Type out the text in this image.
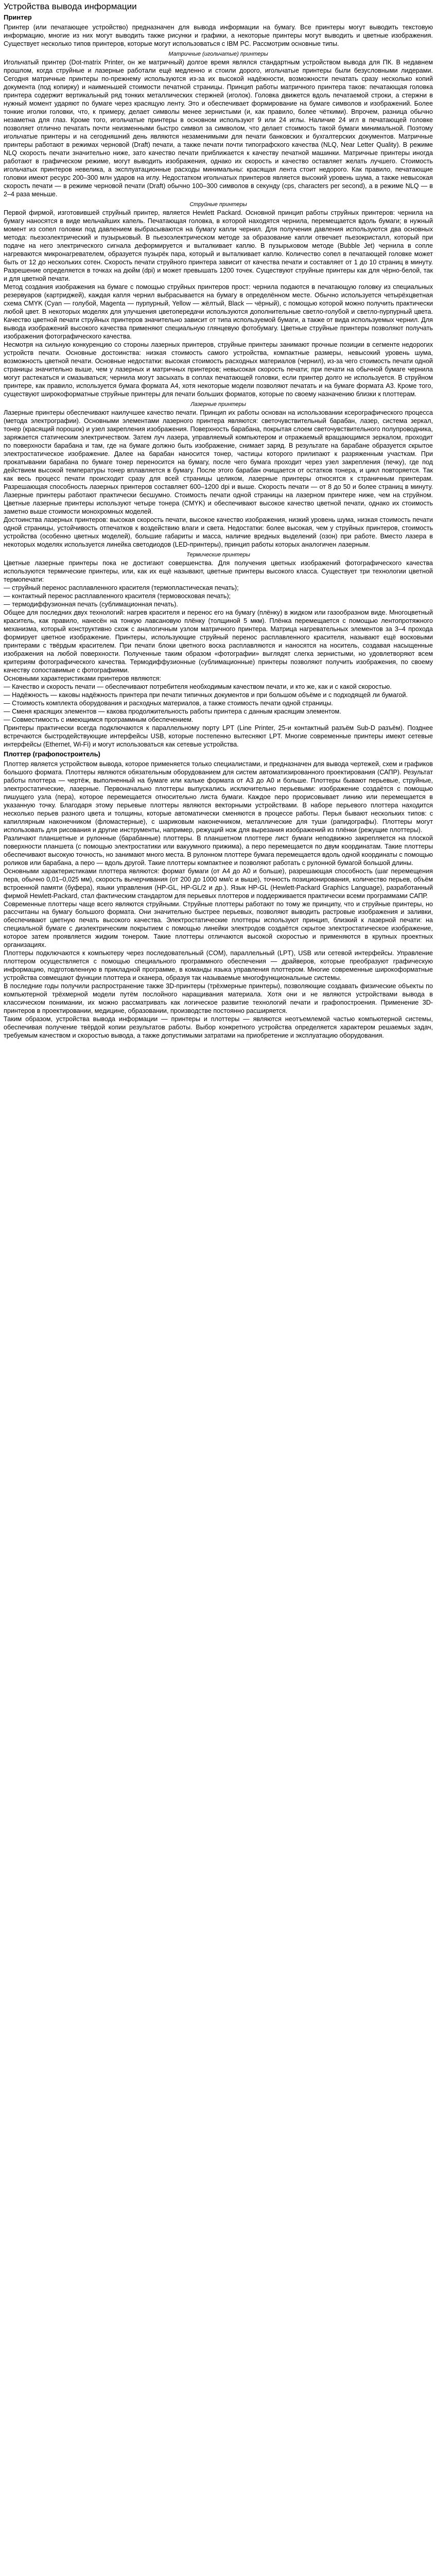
Устройства вывода информации
Принтер

Принтер (или печатающее устройство) предназначен для вывода информации на бумагу. Все принтеры могут выводить текстовую информацию, многие из них могут выводить также рисунки и графики, а некоторые принтеры могут выводить и цветные изображения. Существует несколько типов принтеров, которые могут использоваться с IBM PC. Рассмотрим основные типы.

Матричные (игольчатые) принтеры

Игольчатый принтер (Dot-matrix Printer, он же матричный) долгое время являлся стандартным устройством вывода для ПК. В недавнем прошлом, когда струйные и лазерные работали ещё медленно и стоили дорого, игольчатые принтеры были безусловными лидерами. Сегодня матричные принтеры по-прежнему используются из-за их высокой надёжности, возможности печатать сразу несколько копий документа (под копирку) и наименьшей стоимости печатной страницы. Принцип работы матричного принтера таков: печатающая головка принтера содержит вертикальный ряд тонких металлических стержней (иголок). Головка движется вдоль печатаемой строки, а стержни в нужный момент ударяют по бумаге через красящую ленту. Это и обеспечивает формирование на бумаге символов и изображений. Более тонкие иголки головки, что, к примеру, делает символы менее зернистыми (и, как правило, более чёткими). Впрочем, разница обычно незаметна для глаз. Кроме того, игольчатые принтеры в основном используют 9 или 24 иглы. Наличие 24 игл в печатающей головке позволяет отлично печатать почти неизменными быстро символ за символом, что делает стоимость такой бумаги минимальной. Поэтому игольчатые принтеры и на сегодняшний день являются незаменимыми для печати банковских и бухгалтерских документов. Матричные принтеры работают в режимах черновой (Draft) печати, а также печати почти типографского качества (NLQ, Near Letter Quality). В режиме NLQ скорость печати значительно ниже, зато качество печати приближается к качеству печатной машинки. Матричные принтеры иногда работают в графическом режиме, могут выводить изображения, однако их скорость и качество оставляет желать лучшего. Стоимость игольчатых принтеров невелика, а эксплуатационные расходы минимальны: красящая лента стоит недорого. Как правило, печатающие головки имеют ресурс 200–300 млн ударов на иглу. Недостатком игольчатых принтеров является высокий уровень шума, а также невысокая скорость печати — в режиме черновой печати (Draft) обычно 100–300 символов в секунду (cps, characters per second), а в режиме NLQ — в 2–4 раза меньше.

Струйные принтеры

Первой фирмой, изготовившей струйный принтер, является Hewlett Packard. Основной принцип работы струйных принтеров: чернила на бумагу наносятся в виде мельчайших капель. Печатающая головка, в которой находятся чернила, перемещается вдоль бумаги; в нужный момент из сопел головки под давлением выбрасываются на бумагу капли чернил. Для получения давления используются два основных метода: пьезоэлектрический и пузырьковый. В пьезоэлектрическом методе за образование капли отвечает пьезокристалл, который при подаче на него электрического сигнала деформируется и выталкивает каплю. В пузырьковом методе (Bubble Jet) чернила в сопле нагреваются микронагревателем, образуется пузырёк пара, который и выталкивает каплю. Количество сопел в печатающей головке может быть от 12 до нескольких сотен. Скорость печати струйного принтера зависит от качества печати и составляет от 1 до 10 страниц в минуту. Разрешение определяется в точках на дюйм (dpi) и может превышать 1200 точек. Существуют струйные принтеры как для чёрно-белой, так и для цветной печати.

Метод создания изображения на бумаге с помощью струйных принтеров прост: чернила подаются в печатающую головку из специальных резервуаров (картриджей), каждая капля чернил выбрасывается на бумагу в определённом месте. Обычно используется четырёхцветная схема CMYK (Cyan — голубой, Magenta — пурпурный, Yellow — жёлтый, Black — чёрный), с помощью которой можно получить практически любой цвет. В некоторых моделях для улучшения цветопередачи используются дополнительные светло-голубой и светло-пурпурный цвета. Качество цветной печати струйных принтеров значительно зависит от типа используемой бумаги, а также от вида используемых чернил. Для вывода изображений высокого качества применяют специальную глянцевую фотобумагу. Цветные струйные принтеры позволяют получать изображения фотографического качества.

Несмотря на сильную конкуренцию со стороны лазерных принтеров, струйные принтеры занимают прочные позиции в сегменте недорогих устройств печати. Основные достоинства: низкая стоимость самого устройства, компактные размеры, невысокий уровень шума, возможность цветной печати. Основные недостатки: высокая стоимость расходных материалов (чернил), из-за чего стоимость печати одной страницы значительно выше, чем у лазерных и матричных принтеров; невысокая скорость печати; при печати на обычной бумаге чернила могут растекаться и смазываться; чернила могут засыхать в соплах печатающей головки, если принтер долго не используется. В струйном принтере, как правило, используется бумага формата A4, хотя некоторые модели позволяют печатать и на бумаге формата A3. Кроме того, существуют широкоформатные струйные принтеры для печати больших форматов, которые по своему назначению близки к плоттерам.

Лазерные принтеры

Лазерные принтеры обеспечивают наилучшее качество печати. Принцип их работы основан на использовании ксерографического процесса (метода электрографии). Основными элементами лазерного принтера являются: светочувствительный барабан, лазер, система зеркал, тонер (красящий порошок) и узел закрепления изображения. Поверхность барабана, покрытая слоем светочувствительного полупроводника, заряжается статическим электричеством. Затем луч лазера, управляемый компьютером и отражаемый вращающимся зеркалом, проходит по поверхности барабана и там, где на бумаге должно быть изображение, снимает заряд. В результате на барабане образуется скрытое электростатическое изображение. Далее на барабан наносится тонер, частицы которого прилипают к разряженным участкам. При прокатывании барабана по бумаге тонер переносится на бумагу, после чего бумага проходит через узел закрепления (печку), где под действием высокой температуры тонер вплавляется в бумагу. После этого барабан очищается от остатков тонера, и цикл повторяется. Так как весь процесс печати происходит сразу для всей страницы целиком, лазерные принтеры относятся к страничным принтерам. Разрешающая способность лазерных принтеров составляет 600–1200 dpi и выше. Скорость печати — от 8 до 50 и более страниц в минуту. Лазерные принтеры работают практически бесшумно. Стоимость печати одной страницы на лазерном принтере ниже, чем на струйном. Цветные лазерные принтеры используют четыре тонера (CMYK) и обеспечивают высокое качество цветной печати, однако их стоимость заметно выше стоимости монохромных моделей.

Достоинства лазерных принтеров: высокая скорость печати, высокое качество изображения, низкий уровень шума, низкая стоимость печати одной страницы, устойчивость отпечатков к воздействию влаги и света. Недостатки: более высокая, чем у струйных принтеров, стоимость устройства (особенно цветных моделей), большие габариты и масса, наличие вредных выделений (озон) при работе. Вместо лазера в некоторых моделях используется линейка светодиодов (LED-принтеры), принцип работы которых аналогичен лазерным.

Термические принтеры

Цветные лазерные принтеры пока не достигают совершенства. Для получения цветных изображений фотографического качества используются термические принтеры, или, как их ещё называют, цветные принтеры высокого класса. Существует три технологии цветной термопечати:

— струйный перенос расплавленного красителя (термопластическая печать);

— контактный перенос расплавленного красителя (термовосковая печать);

— термодиффузионная печать (сублимационная печать).

Общее для последних двух технологий: нагрев красителя и перенос его на бумагу (плёнку) в жидком или газообразном виде. Многоцветный краситель, как правило, нанесён на тонкую лавсановую плёнку (толщиной 5 мкм). Плёнка перемещается с помощью лентопротяжного механизма, который конструктивно схож с аналогичным узлом матричного принтера. Матрица нагревательных элементов за 3–4 прохода формирует цветное изображение. Принтеры, использующие струйный перенос расплавленного красителя, называют ещё восковыми принтерами с твёрдым красителем. При печати блоки цветного воска расплавляются и наносятся на носитель, создавая насыщенные изображения на любой поверхности. Полученные таким образом «фотографии» выглядят слегка зернистыми, но удовлетворяют всем критериям фотографического качества. Термодиффузионные (сублимационные) принтеры позволяют получить изображения, по своему качеству сопоставимые с фотографиями.

Основными характеристиками принтеров являются:

— Качество и скорость печати — обеспечивают потребителя необходимым качеством печати, и кто же, как и с какой скоростью.

— Надёжность — каковы надёжность принтера при печати типичных документов и при большом объёме и с подходящей ли бумагой.

— Стоимость комплекта оборудования и расходных материалов, а также стоимость печати одной страницы.

— Сменя красящих элементов — какова продолжительность работы принтера с данным красящим элементом.

— Совместимость с имеющимся программным обеспечением.

Принтеры практически всегда подключаются к параллельному порту LPT (Line Printer, 25-и контактный разъём Sub-D разъём). Позднее встречаются быстродействующие интерфейсы USB, которые постепенно вытесняют LPT. Многие современные принтеры имеют сетевые интерфейсы (Ethernet, Wi-Fi) и могут использоваться как сетевые устройства.

Плоттер (графопостроитель)

Плоттер является устройством вывода, которое применяется только специалистами, и предназначен для вывода чертежей, схем и графиков большого формата. Плоттеры являются обязательным оборудованием для систем автоматизированного проектирования (САПР). Результат работы плоттера — чертёж, выполненный на бумаге или кальке формата от А3 до А0 и больше. Плоттеры бывают перьевые, струйные, электростатические, лазерные. Первоначально плоттеры выпускались исключительно перьевыми: изображение создаётся с помощью пишущего узла (пера), которое перемещается относительно листа бумаги. Каждое перо прорисовывает линию или перемещается в указанную точку. Благодаря этому перьевые плоттеры являются векторными устройствами. В наборе перьевого плоттера находится несколько перьев разного цвета и толщины, которые автоматически сменяются в процессе работы. Перья бывают нескольких типов: с капиллярным наконечником (фломастерные), с шариковым наконечником, металлические для туши (рапидографы). Плоттеры могут использовать для рисования и другие инструменты, например, режущий нож для вырезания изображений из плёнки (режущие плоттеры).

Различают планшетные и рулонные (барабанные) плоттеры. В планшетном плоттере лист бумаги неподвижно закрепляется на плоской поверхности планшета (с помощью электростатики или вакуумного прижима), а перо перемещается по двум координатам. Такие плоттеры обеспечивают высокую точность, но занимают много места. В рулонном плоттере бумага перемещается вдоль одной координаты с помощью роликов или барабана, а перо — вдоль другой. Такие плоттеры компактнее и позволяют работать с рулонной бумагой большой длины.

Основными характеристиками плоттера являются: формат бумаги (от А4 до А0 и больше), разрешающая способность (шаг перемещения пера, обычно 0,01–0,025 мм), скорость вычерчивания (от 200 до 1000 мм/с и выше), точность позиционирования, количество перьев, объём встроенной памяти (буфера), языки управления (HP-GL, HP-GL/2 и др.). Язык HP-GL (Hewlett-Packard Graphics Language), разработанный фирмой Hewlett-Packard, стал фактическим стандартом для перьевых плоттеров и поддерживается практически всеми программами САПР.

Современные плоттеры чаще всего являются струйными. Струйные плоттеры работают по тому же принципу, что и струйные принтеры, но рассчитаны на бумагу большого формата. Они значительно быстрее перьевых, позволяют выводить растровые изображения и заливки, обеспечивают цветную печать высокого качества. Электростатические плоттеры используют принцип, близкий к лазерной печати: на специальной бумаге с диэлектрическим покрытием с помощью линейки электродов создаётся скрытое электростатическое изображение, которое затем проявляется жидким тонером. Такие плоттеры отличаются высокой скоростью и применяются в крупных проектных организациях.

Плоттеры подключаются к компьютеру через последовательный (COM), параллельный (LPT), USB или сетевой интерфейсы. Управление плоттером осуществляется с помощью специального программного обеспечения — драйверов, которые преобразуют графическую информацию, подготовленную в прикладной программе, в команды языка управления плоттером. Многие современные широкоформатные устройства совмещают функции плоттера и сканера, образуя так называемые многофункциональные системы.

В последние годы получили распространение также 3D-принтеры (трёхмерные принтеры), позволяющие создавать физические объекты по компьютерной трёхмерной модели путём послойного наращивания материала. Хотя они и не являются устройствами вывода в классическом понимании, их можно рассматривать как логическое развитие технологий печати и графопостроения. Применение 3D-принтеров в проектировании, медицине, образовании, производстве постоянно расширяется.

Таким образом, устройства вывода информации — принтеры и плоттеры — являются неотъемлемой частью компьютерной системы, обеспечивая получение твёрдой копии результатов работы. Выбор конкретного устройства определяется характером решаемых задач, требуемым качеством и скоростью вывода, а также допустимыми затратами на приобретение и эксплуатацию оборудования.
